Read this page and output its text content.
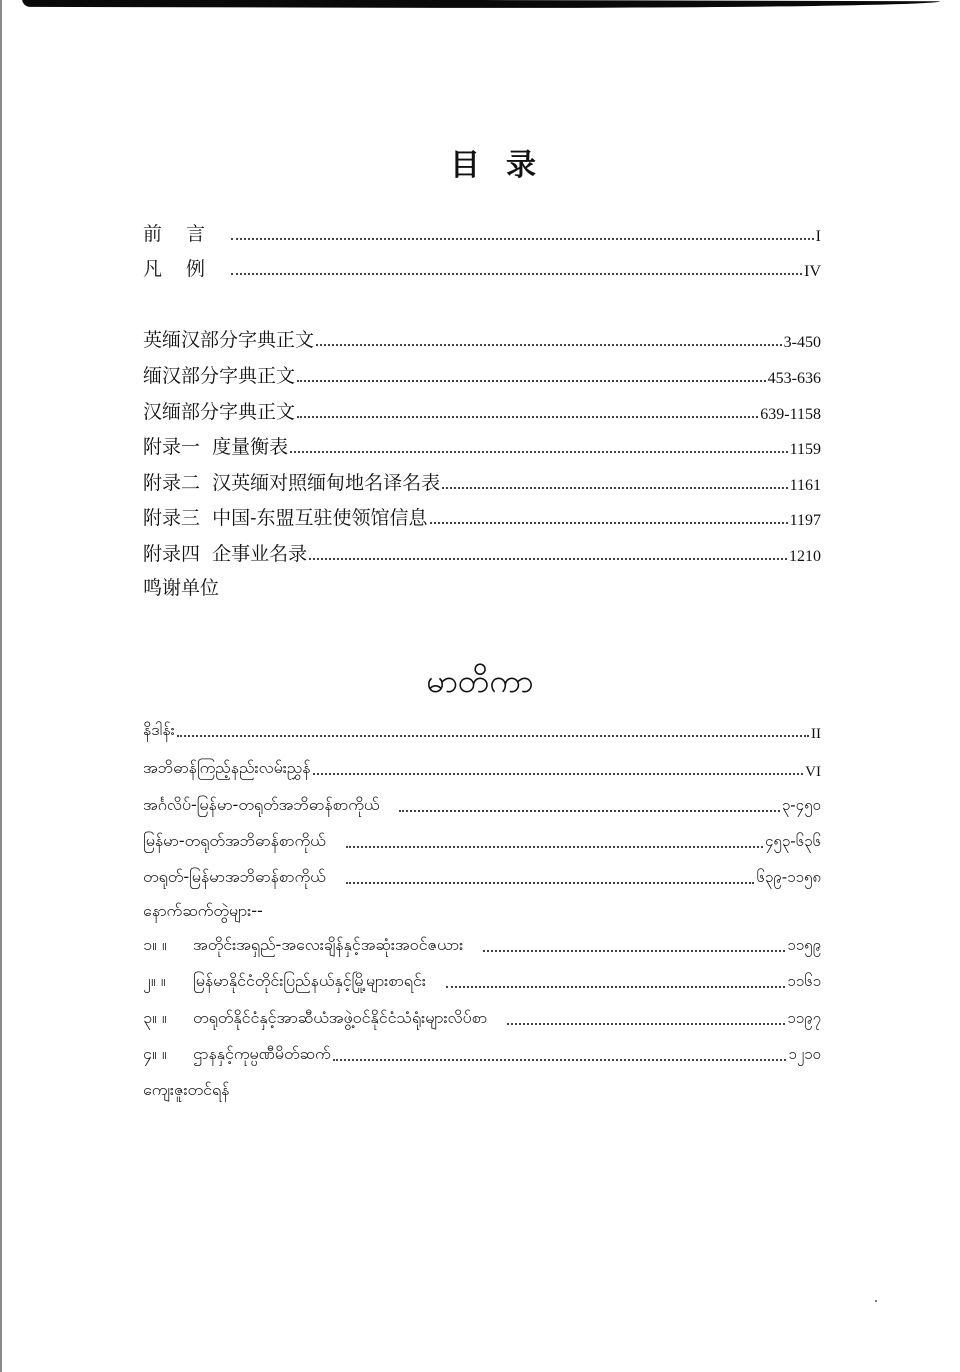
目录
前言	I
凡例	IV
英缅汉部分字典正文	3-450
缅汉部分字典正文	453-636
汉缅部分字典正文	639-1158
附录一  度量衡表	1159
附录二  汉英缅对照缅甸地名译名表	1161
附录三  中国-东盟互驻使领馆信息	1197
附录四  企事业名录	1210
鸣谢单位
မာတိကာ
နိဒါန်း	II
အဘိဓာန်ကြည့်နည်းလမ်းညွှန်	VI
အင်္ဂလိပ်-မြန်မာ-တရုတ်အဘိဓာန်စာကိုယ်	၃-၄၅၀
မြန်မာ-တရုတ်အဘိဓာန်စာကိုယ်	၄၅၃-၆၃၆
တရုတ်-မြန်မာအဘိဓာန်စာကိုယ်	၆၃၉-၁၁၅၈
နောက်ဆက်တွဲများ--
၁။ ။	အတိုင်းအရှည်-အလေးချိန်နှင့်အဆုံးအဝင်ဇယား	၁၁၅၉
၂။ ။	မြန်မာနိုင်ငံတိုင်းပြည်နယ်နှင့်မြို့များစာရင်း	၁၁၆၁
၃။ ။	တရုတ်နိုင်ငံနှင့်အာဆီယံအဖွဲ့ဝင်နိုင်ငံသံရုံးများလိပ်စာ	၁၁၉၇
၄။ ။	ဌာနနှင့်ကုမ္ပဏီမိတ်ဆက်	၁၂၁၀
ကျေးဇူးတင်ရန်
